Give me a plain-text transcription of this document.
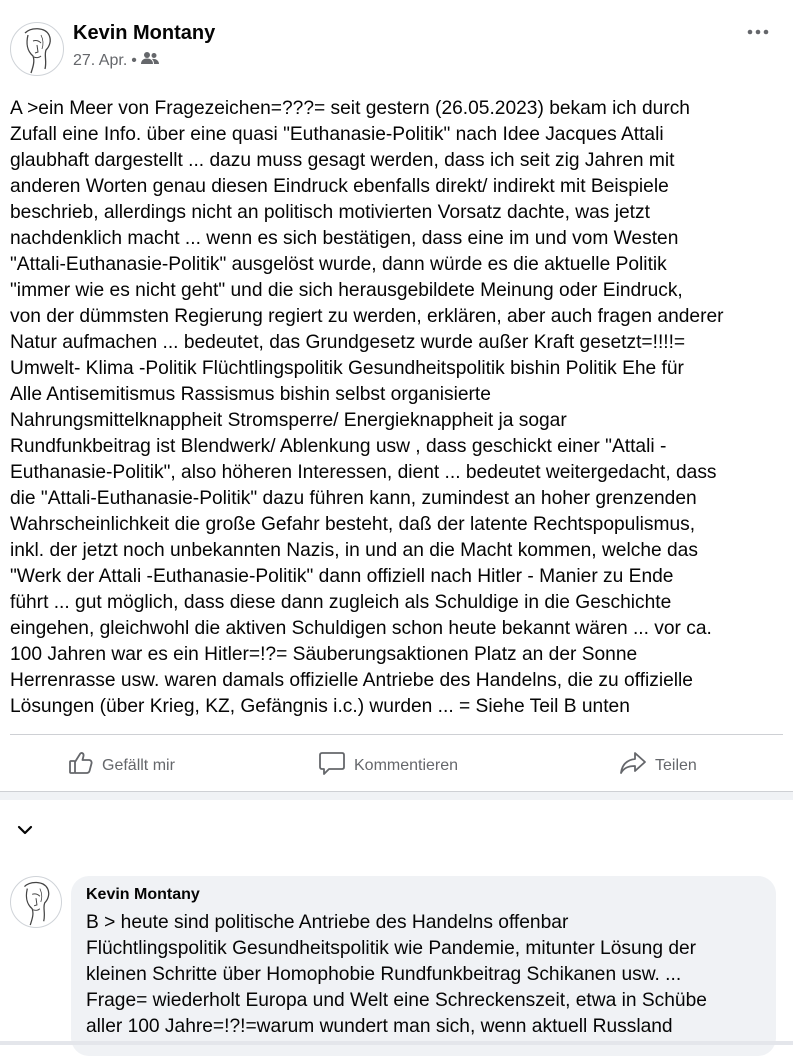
Kevin Montany
27. Apr. •
A >ein Meer von Fragezeichen=???= seit gestern (26.05.2023) bekam ich durch
Zufall eine Info. über eine quasi "Euthanasie-Politik" nach Idee Jacques Attali
glaubhaft dargestellt ... dazu muss gesagt werden, dass ich seit zig Jahren mit
anderen Worten genau diesen Eindruck ebenfalls direkt/ indirekt mit Beispiele
beschrieb, allerdings nicht an politisch motivierten Vorsatz dachte, was jetzt
nachdenklich macht ... wenn es sich bestätigen, dass eine im und vom Westen
"Attali-Euthanasie-Politik" ausgelöst wurde, dann würde es die aktuelle Politik
"immer wie es nicht geht" und die sich herausgebildete Meinung oder Eindruck,
von der dümmsten Regierung regiert zu werden, erklären, aber auch fragen anderer
Natur aufmachen ... bedeutet, das Grundgesetz wurde außer Kraft gesetzt=!!!!=
Umwelt- Klima -Politik Flüchtlingspolitik Gesundheitspolitik bishin Politik Ehe für
Alle Antisemitismus Rassismus bishin selbst organisierte
Nahrungsmittelknappheit Stromsperre/ Energieknappheit ja sogar
Rundfunkbeitrag ist Blendwerk/ Ablenkung usw , dass geschickt einer "Attali -
Euthanasie-Politik", also höheren Interessen, dient ... bedeutet weitergedacht, dass
die "Attali-Euthanasie-Politik" dazu führen kann, zumindest an hoher grenzenden
Wahrscheinlichkeit die große Gefahr besteht, daß der latente Rechtspopulismus,
inkl. der jetzt noch unbekannten Nazis, in und an die Macht kommen, welche das
"Werk der Attali -Euthanasie-Politik" dann offiziell nach Hitler - Manier zu Ende
führt ... gut möglich, dass diese dann zugleich als Schuldige in die Geschichte
eingehen, gleichwohl die aktiven Schuldigen schon heute bekannt wären ... vor ca.
100 Jahren war es ein Hitler=!?= Säuberungsaktionen Platz an der Sonne
Herrenrasse usw. waren damals offizielle Antriebe des Handelns, die zu offizielle
Lösungen (über Krieg, KZ, Gefängnis i.c.) wurden ... = Siehe Teil B unten
Gefällt mir	Kommentieren	Teilen
Kevin Montany
B > heute sind politische Antriebe des Handelns offenbar
Flüchtlingspolitik Gesundheitspolitik wie Pandemie, mitunter Lösung der
kleinen Schritte über Homophobie Rundfunkbeitrag Schikanen usw. ...
Frage= wiederholt Europa und Welt eine Schreckenszeit, etwa in Schübe
aller 100 Jahre=!?!=warum wundert man sich, wenn aktuell Russland
